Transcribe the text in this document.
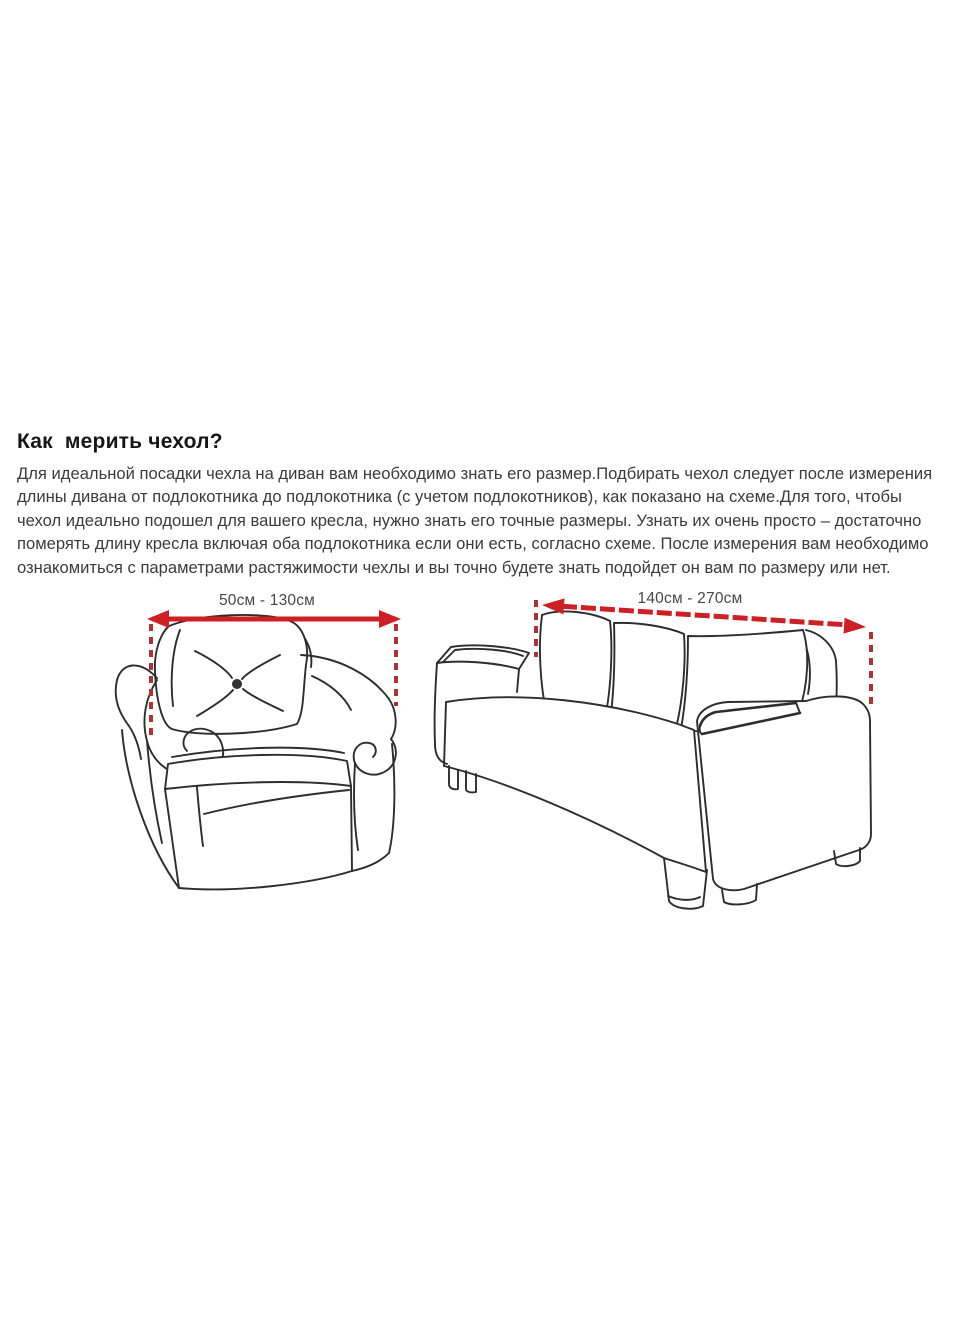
Как  мерить чехол?

Для идеальной посадки чехла на диван вам необходимо знать его размер.Подбирать чехол следует после измерения длины дивана от подлокотника до подлокотника (с учетом подлокотников), как показано на схеме.Для того, чтобы чехол идеально подошел для вашего кресла, нужно знать его точные размеры. Узнать их очень просто – достаточно померять длину кресла включая оба подлокотника если они есть, согласно схеме. После измерения вам необходимо ознакомиться с параметрами растяжимости чехлы и вы точно будете знать подойдет он вам по размеру или нет.

50см - 130см	140см - 270см
